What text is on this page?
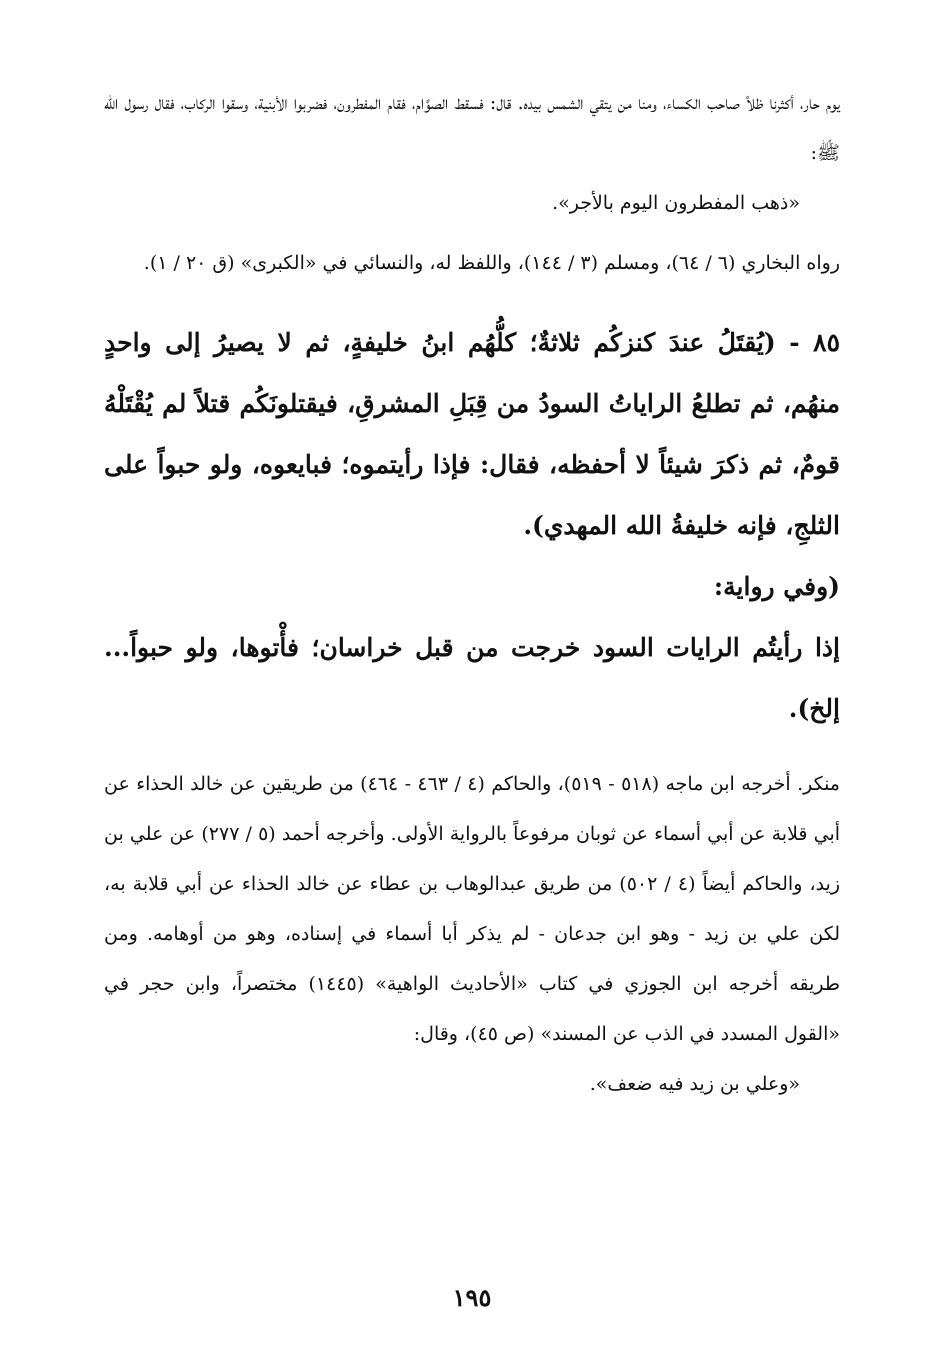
يوم حار، أكثرنا ظلاً صاحب الكساء، ومنا من يتقي الشمس بيده. قال: فسقط الصوَّام، فقام المفطرون، فضربوا الأبنية، وسقوا الركاب، فقال رسول الله ﷺ:

«ذهب المفطرون اليوم بالأجر».

رواه البخاري (٦ / ٦٤)، ومسلم (٣ / ١٤٤)، واللفظ له، والنسائي في «الكبرى» (ق ٢٠ / ١).

٨٥ - (يُقتَلُ عندَ كنزكُم ثلاثةٌ؛ كلُّهُم ابنُ خليفةٍ، ثم لا يصيرُ إلى واحدٍ منهُم، ثم تطلعُ الراياتُ السودُ من قِبَلِ المشرقِ، فيقتلونَكُم قتلاً لم يُقْتَلْهُ قومٌ، ثم ذكرَ شيئاً لا أحفظه، فقال: فإذا رأيتموه؛ فبايعوه، ولو حبواً على الثلجِ، فإنه خليفةُ الله المهدي).

(وفي رواية:

إذا رأيتُم الرايات السود خرجت من قبل خراسان؛ فأْتوها، ولو حبواً... إلخ).

منكر. أخرجه ابن ماجه (٥١٨ - ٥١٩)، والحاكم (٤ / ٤٦٣ - ٤٦٤) من طريقين عن خالد الحذاء عن أبي قلابة عن أبي أسماء عن ثوبان مرفوعاً بالرواية الأولى. وأخرجه أحمد (٥ / ٢٧٧) عن علي بن زيد، والحاكم أيضاً (٤ / ٥٠٢) من طريق عبدالوهاب بن عطاء عن خالد الحذاء عن أبي قلابة به، لكن علي بن زيد - وهو ابن جدعان - لم يذكر أبا أسماء في إسناده، وهو من أوهامه. ومن طريقه أخرجه ابن الجوزي في كتاب «الأحاديث الواهية» (١٤٤٥) مختصراً، وابن حجر في «القول المسدد في الذب عن المسند» (ص ٤٥)، وقال:

«وعلي بن زيد فيه ضعف».

١٩٥
